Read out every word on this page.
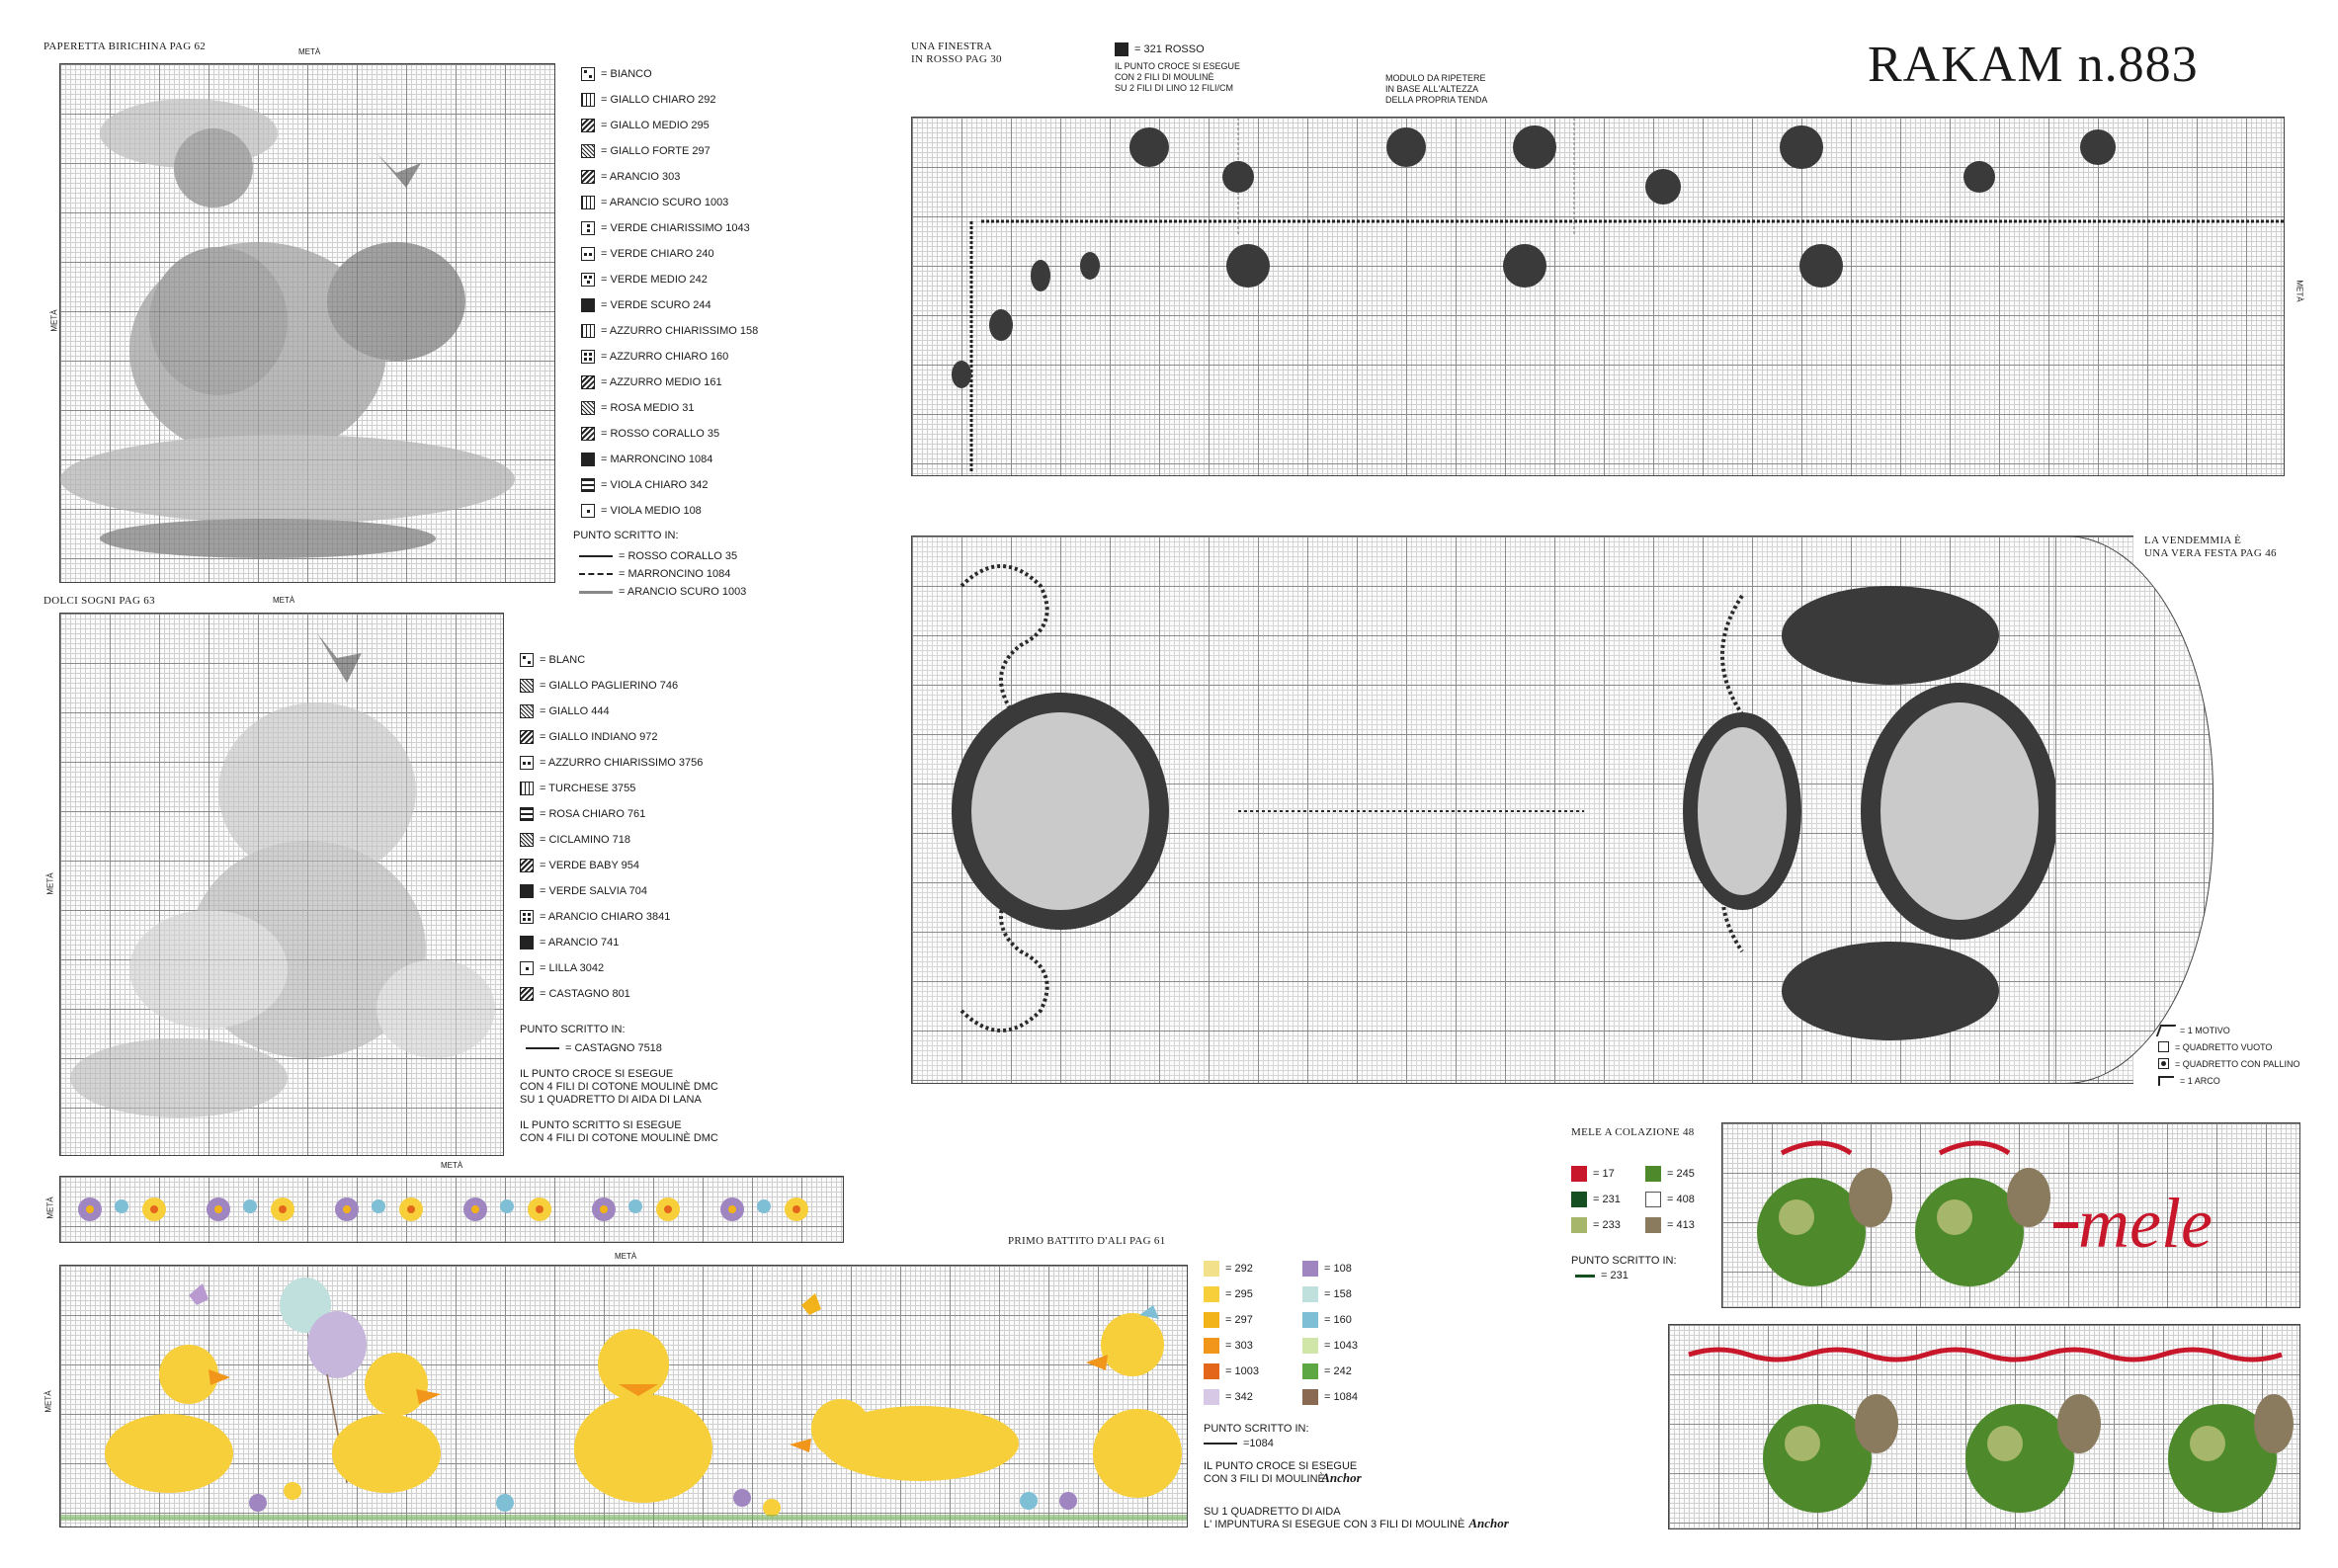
RAKAM n.883
PAPERETTA BIRICHINA PAG 62	METÀ
METÀ
= BIANCO
= GIALLO CHIARO 292
= GIALLO MEDIO 295
= GIALLO FORTE 297
= ARANCIO 303
= ARANCIO SCURO 1003
= VERDE CHIARISSIMO 1043
= VERDE CHIARO 240
= VERDE MEDIO 242
= VERDE SCURO 244
= AZZURRO CHIARISSIMO 158
= AZZURRO CHIARO 160
= AZZURRO MEDIO 161
= ROSA MEDIO 31
= ROSSO CORALLO 35
= MARRONCINO 1084
= VIOLA CHIARO 342
= VIOLA MEDIO 108
PUNTO SCRITTO IN:
= ROSSO CORALLO 35
= MARRONCINO 1084
= ARANCIO SCURO 1003
DOLCI SOGNI PAG 63	METÀ
METÀ
= BLANC
= GIALLO PAGLIERINO 746
= GIALLO 444
= GIALLO INDIANO 972
= AZZURRO CHIARISSIMO 3756
= TURCHESE 3755
= ROSA CHIARO 761
= CICLAMINO 718
= VERDE BABY 954
= VERDE SALVIA 704
= ARANCIO CHIARO 3841
= ARANCIO 741
= LILLA 3042
= CASTAGNO 801
PUNTO SCRITTO IN:
= CASTAGNO 7518
IL PUNTO CROCE SI ESEGUE
CON 4 FILI DI COTONE MOULINÈ DMC
SU 1 QUADRETTO DI AIDA DI LANA
IL PUNTO SCRITTO SI ESEGUE
CON 4 FILI DI COTONE MOULINÈ DMC
METÀ
METÀ
PRIMO BATTITO D'ALI PAG 61
METÀ
METÀ
= 292	= 108
= 295	= 158
= 297	= 160
= 303	= 1043
= 1003	= 242
= 342	= 1084
PUNTO SCRITTO IN:
=1084
IL PUNTO CROCE SI ESEGUE
CON 3 FILI DI MOULINÈ
Anchor
SU 1 QUADRETTO DI AIDA
L' IMPUNTURA SI ESEGUE CON 3 FILI DI MOULINÈ Anchor
UNA FINESTRA
IN ROSSO PAG 30
= 321 ROSSO
IL PUNTO CROCE SI ESEGUE
CON 2 FILI DI MOULINÈ
SU 2 FILI DI LINO 12 FILI/CM
MODULO DA RIPETERE
IN BASE ALL'ALTEZZA
DELLA PROPRIA TENDA
METÀ
LA VENDEMMIA È
UNA VERA FESTA PAG 46
= 1 MOTIVO
= QUADRETTO VUOTO
= QUADRETTO CON PALLINO
= 1 ARCO
MELE A COLAZIONE 48
= 17	= 245
= 231	= 408
= 233	= 413
PUNTO SCRITTO IN:
= 231
mele
